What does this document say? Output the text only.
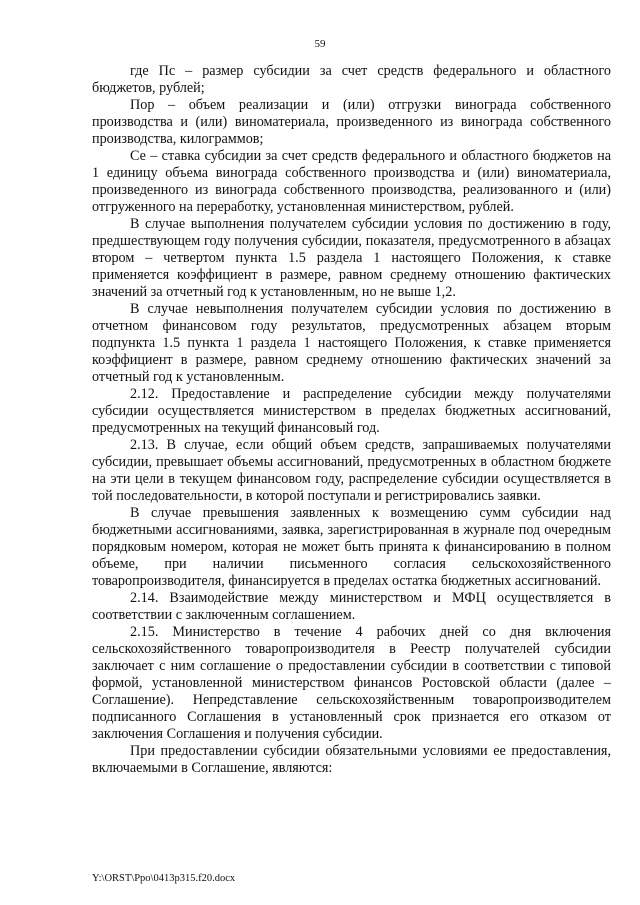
59

где Пс – размер субсидии за счет средств федерального и областного бюджетов, рублей;

Пор – объем реализации и (или) отгрузки винограда собственного производства и (или) виноматериала, произведенного из винограда собственного производства, килограммов;

Се – ставка субсидии за счет средств федерального и областного бюджетов на 1 единицу объема винограда собственного производства и (или) виноматериала, произведенного из винограда собственного производства, реализованного и (или) отгруженного на переработку, установленная министерством, рублей.

В случае выполнения получателем субсидии условия по достижению в году, предшествующем году получения субсидии, показателя, предусмотренного в абзацах втором – четвертом пункта 1.5 раздела 1 настоящего Положения, к ставке применяется коэффициент в размере, равном среднему отношению фактических значений за отчетный год к установленным, но не выше 1,2.

В случае невыполнения получателем субсидии условия по достижению в отчетном финансовом году результатов, предусмотренных абзацем вторым подпункта 1.5 пункта 1 раздела 1 настоящего Положения, к ставке применяется коэффициент в размере, равном среднему отношению фактических значений за отчетный год к установленным.

2.12. Предоставление и распределение субсидии между получателями субсидии осуществляется министерством в пределах бюджетных ассигнований, предусмотренных на текущий финансовый год.

2.13. В случае, если общий объем средств, запрашиваемых получателями субсидии, превышает объемы ассигнований, предусмотренных в областном бюджете на эти цели в текущем финансовом году, распределение субсидии осуществляется в той последовательности, в которой поступали и регистрировались заявки.

В случае превышения заявленных к возмещению сумм субсидии над бюджетными ассигнованиями, заявка, зарегистрированная в журнале под очередным порядковым номером, которая не может быть принята к финансированию в полном объеме, при наличии письменного согласия сельскохозяйственного товаропроизводителя, финансируется в пределах остатка бюджетных ассигнований.

2.14. Взаимодействие между министерством и МФЦ осуществляется в соответствии с заключенным соглашением.

2.15. Министерство в течение 4 рабочих дней со дня включения сельскохозяйственного товаропроизводителя в Реестр получателей субсидии заключает с ним соглашение о предоставлении субсидии в соответствии с типовой формой, установленной министерством финансов Ростовской области (далее – Соглашение). Непредставление сельскохозяйственным товаропроизводителем подписанного Соглашения в установленный срок признается его отказом от заключения Соглашения и получения субсидии.

При предоставлении субсидии обязательными условиями ее предоставления, включаемыми в Соглашение, являются:

Y:\ORST\Ppo\0413p315.f20.docx
